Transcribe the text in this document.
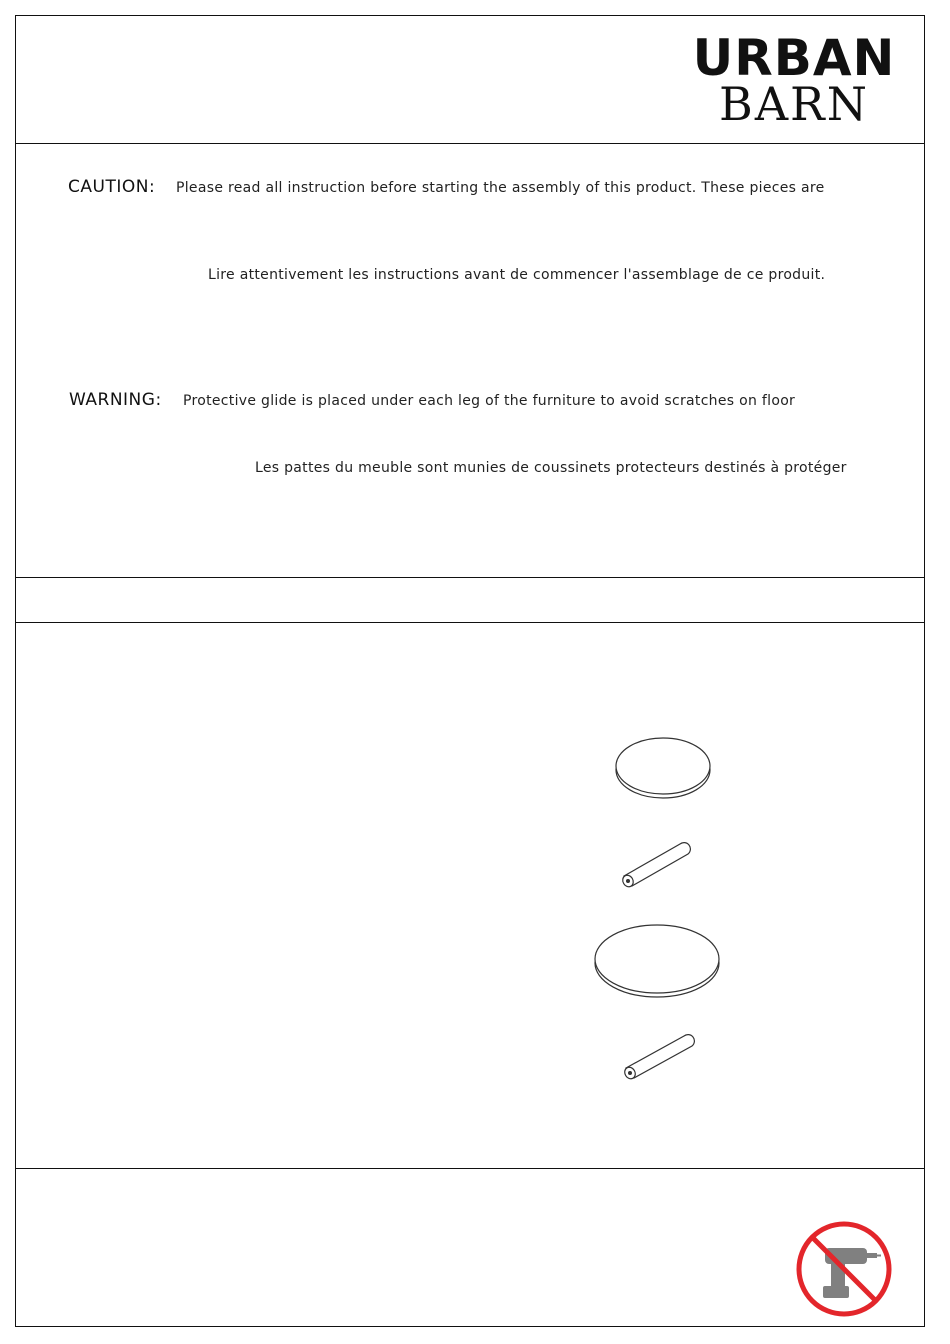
URBAN
BARN
CAUTION: Please read all instruction before starting the assembly of this product. These pieces are
Lire attentivement les instructions avant de commencer l'assemblage de ce produit.
WARNING: Protective glide is placed under each leg of the furniture to avoid scratches on floor
Les pattes du meuble sont munies de coussinets protecteurs destinés à protéger
